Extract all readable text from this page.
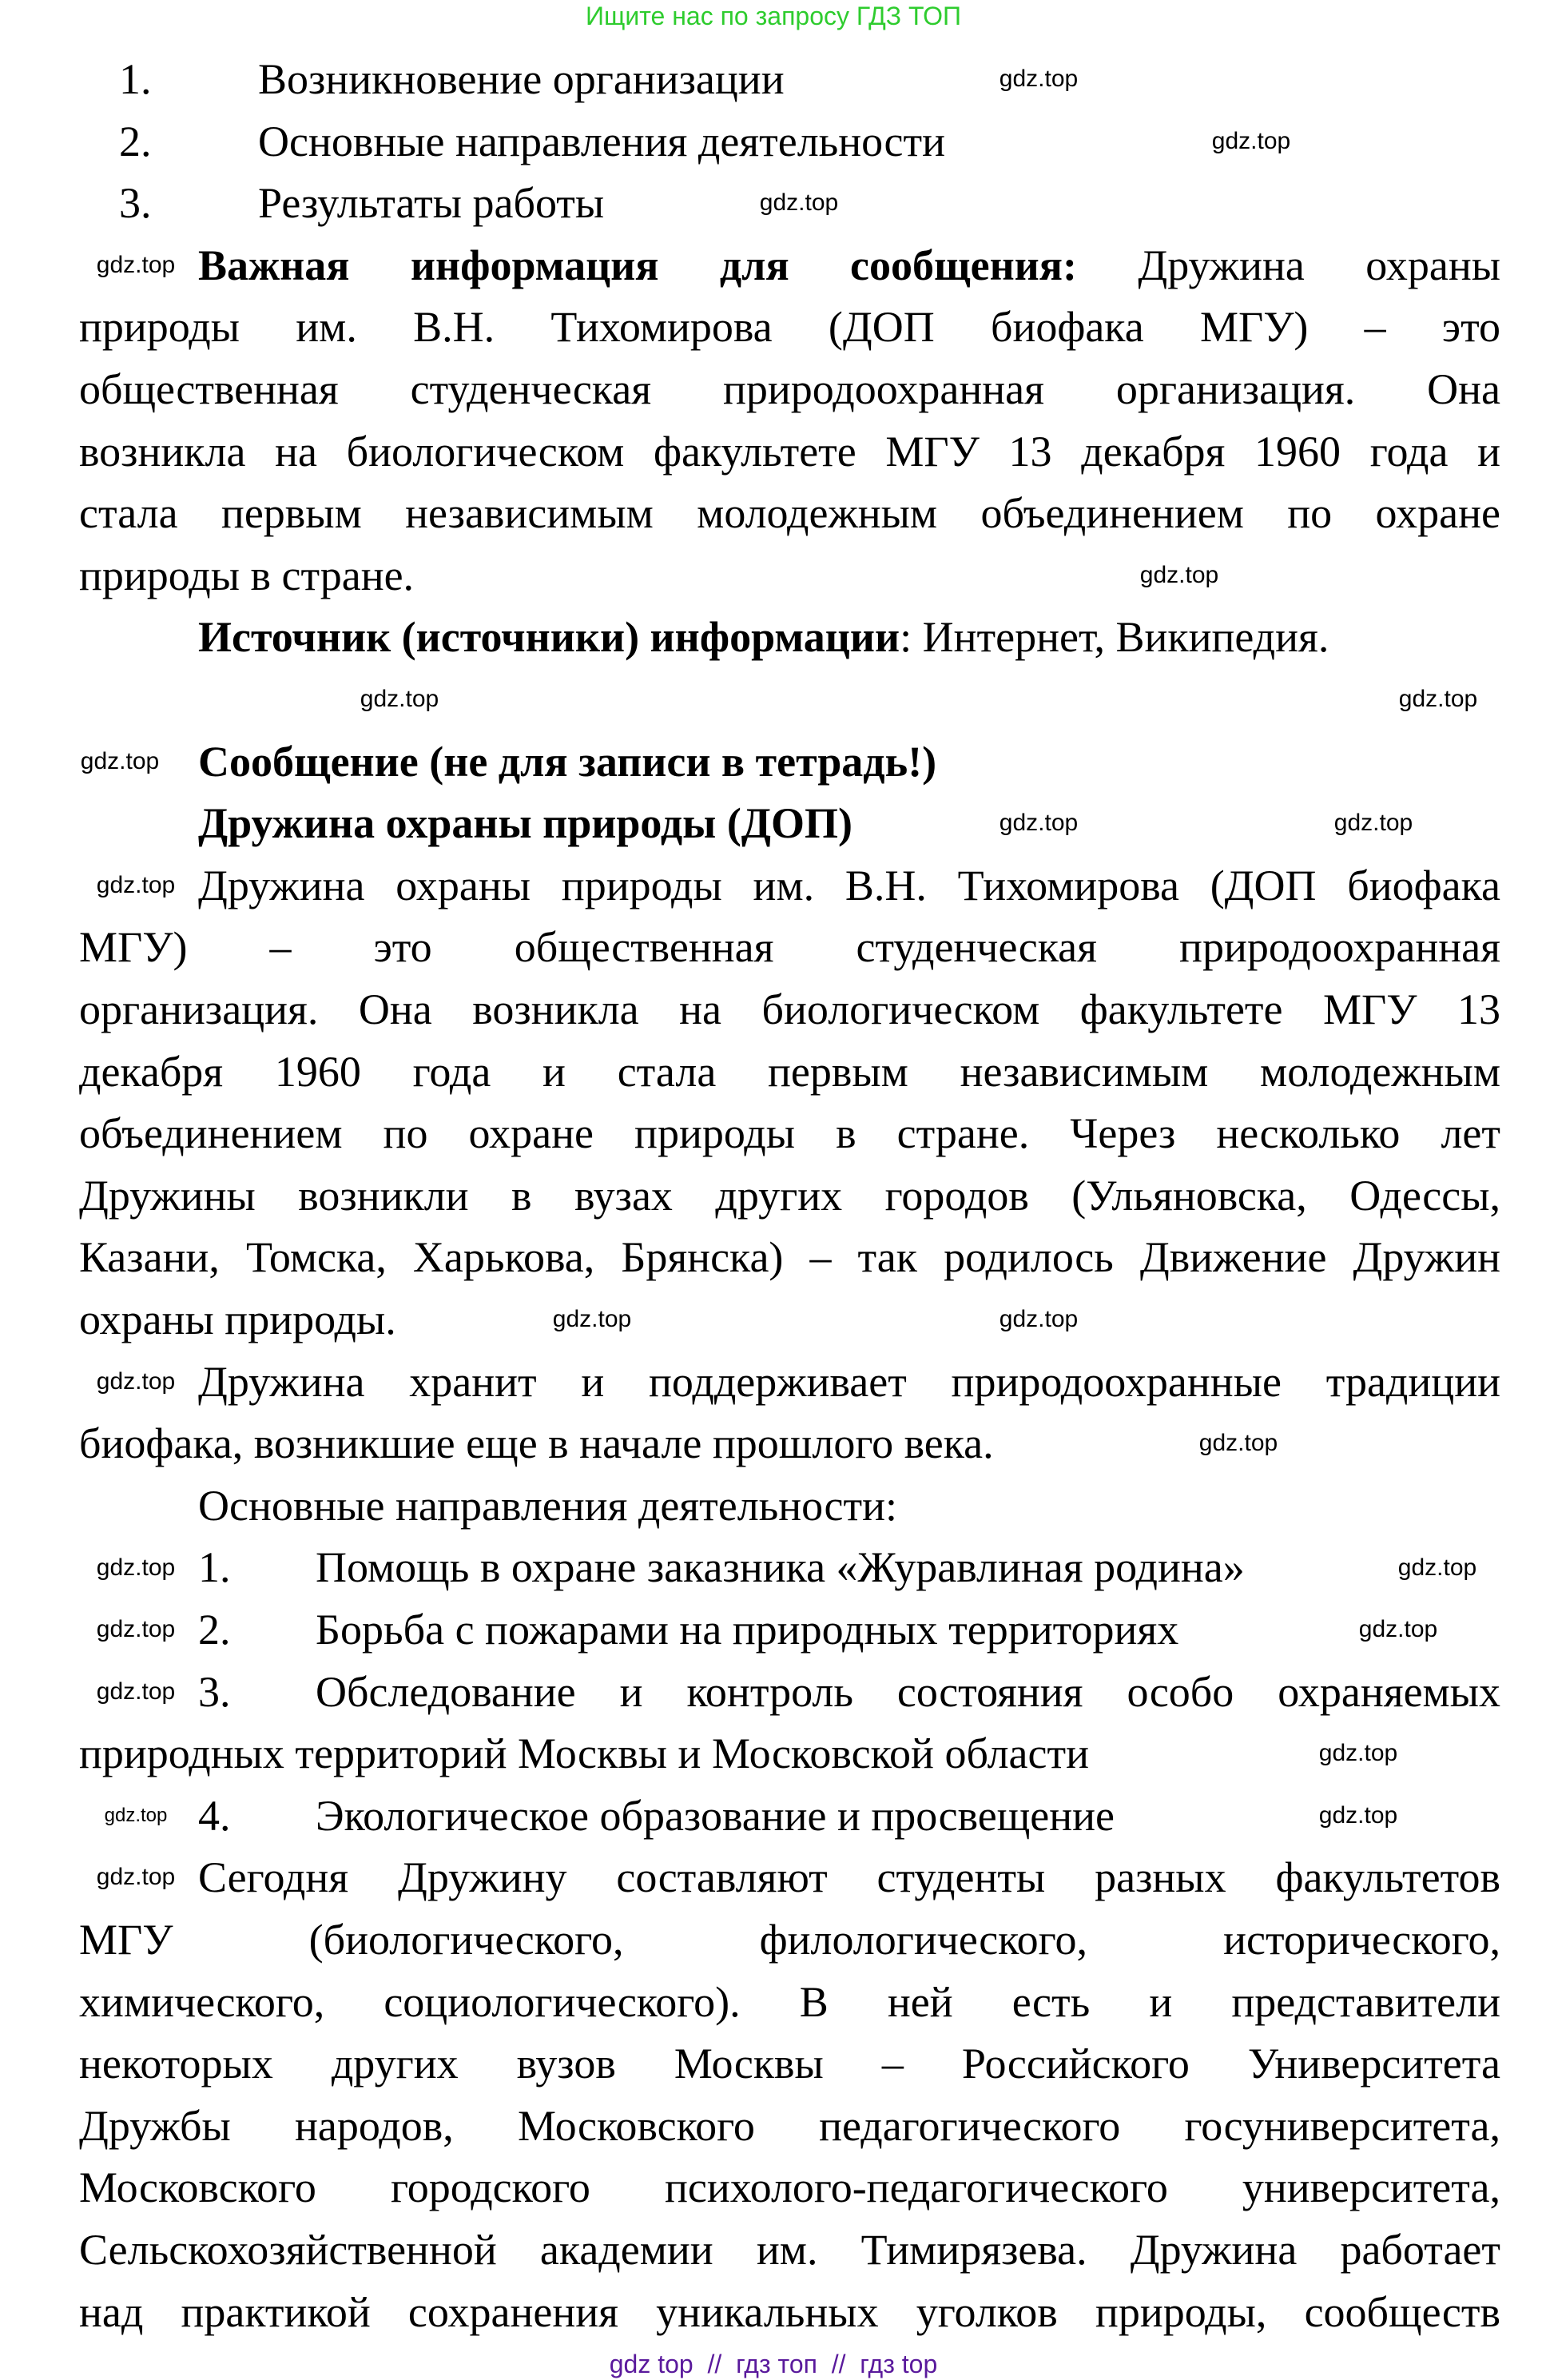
Ищите нас по запросу ГДЗ ТОП
1. Возникновение организации
2. Основные направления деятельности
3. Результаты работы
Важная информация для сообщения: Дружина охраны
природы им. В.Н. Тихомирова (ДОП биофака МГУ) – это
общественная студенческая природоохранная организация. Она
возникла на биологическом факультете МГУ 13 декабря 1960 года и
стала первым независимым молодежным объединением по охране
природы в стране.
Источник (источники) информации: Интернет, Википедия.
Сообщение (не для записи в тетрадь!)
Дружина охраны природы (ДОП)
Дружина охраны природы им. В.Н. Тихомирова (ДОП биофака
МГУ) – это общественная студенческая природоохранная
организация. Она возникла на биологическом факультете МГУ 13
декабря 1960 года и стала первым независимым молодежным
объединением по охране природы в стране. Через несколько лет
Дружины возникли в вузах других городов (Ульяновска, Одессы,
Казани, Томска, Харькова, Брянска) – так родилось Движение Дружин
охраны природы.
Дружина хранит и поддерживает природоохранные традиции
биофака, возникшие еще в начале прошлого века.
Основные направления деятельности:
1. Помощь в охране заказника «Журавлиная родина»
2. Борьба с пожарами на природных территориях
3. Обследование и контроль состояния особо охраняемых
природных территорий Москвы и Московской области
4. Экологическое образование и просвещение
Сегодня Дружину составляют студенты разных факультетов
МГУ (биологического, филологического, исторического,
химического, социологического). В ней есть и представители
некоторых других вузов Москвы – Российского Университета
Дружбы народов, Московского педагогического госуниверситета,
Московского городского психолого-педагогического университета,
Сельскохозяйственной академии им. Тимирязева. Дружина работает
над практикой сохранения уникальных уголков природы, сообществ
gdz.top
gdz.top
gdz.top
gdz.top
gdz.top
gdz.top
gdz.top
gdz.top
gdz.top
gdz.top
gdz.top
gdz.top
gdz.top
gdz.top
gdz.top
gdz.top
gdz.top
gdz.top
gdz.top
gdz.top
gdz.top
gdz.top
gdz.top
gdz.top
gdz top  //  гдз топ  //  гдз top
